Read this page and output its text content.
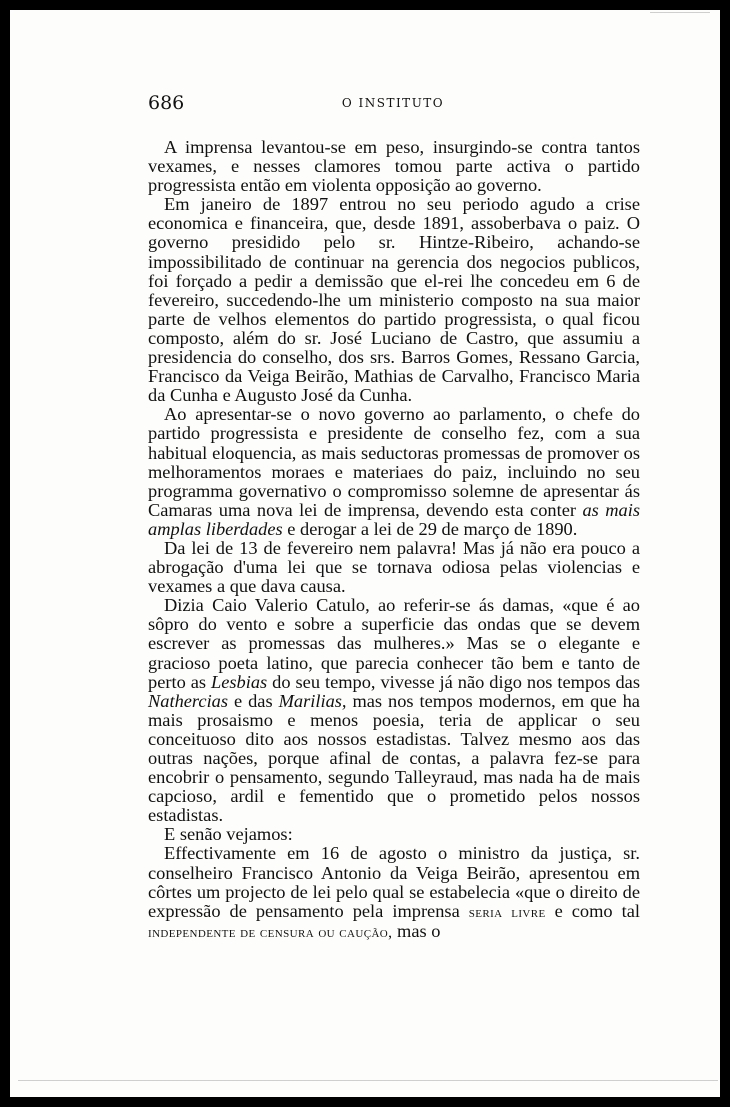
686	O INSTITUTO

A imprensa levantou-se em peso, insurgindo-se contra tantos vexames, e nesses clamores tomou parte activa o partido progressista então em violenta opposição ao governo.

Em janeiro de 1897 entrou no seu periodo agudo a crise economica e financeira, que, desde 1891, assoberbava o paiz. O governo presidido pelo sr. Hintze-Ribeiro, achando-se impossibilitado de continuar na gerencia dos negocios publicos, foi forçado a pedir a demissão que el-rei lhe concedeu em 6 de fevereiro, succedendo-lhe um ministerio composto na sua maior parte de velhos elementos do partido progressista, o qual ficou composto, além do sr. José Luciano de Castro, que assumiu a presidencia do conselho, dos srs. Barros Gomes, Ressano Garcia, Francisco da Veiga Beirão, Mathias de Carvalho, Francisco Maria da Cunha e Augusto José da Cunha.

Ao apresentar-se o novo governo ao parlamento, o chefe do partido progressista e presidente de conselho fez, com a sua habitual eloquencia, as mais seductoras promessas de promover os melhoramentos moraes e materiaes do paiz, incluindo no seu programma governativo o compromisso solemne de apresentar ás Camaras uma nova lei de imprensa, devendo esta conter as mais amplas liberdades e derogar a lei de 29 de março de 1890.

Da lei de 13 de fevereiro nem palavra! Mas já não era pouco a abrogação d'uma lei que se tornava odiosa pelas violencias e vexames a que dava causa.

Dizia Caio Valerio Catulo, ao referir-se ás damas, «que é ao sôpro do vento e sobre a superficie das ondas que se devem escrever as promessas das mulheres.» Mas se o elegante e gracioso poeta latino, que parecia conhecer tão bem e tanto de perto as Lesbias do seu tempo, vivesse já não digo nos tempos das Nathercias e das Marilias, mas nos tempos modernos, em que ha mais prosaismo e menos poesia, teria de applicar o seu conceituoso dito aos nossos estadistas. Talvez mesmo aos das outras nações, porque afinal de contas, a palavra fez-se para encobrir o pensamento, segundo Talleyraud, mas nada ha de mais capcioso, ardil e fementido que o prometido pelos nossos estadistas.

E senão vejamos:

Effectivamente em 16 de agosto o ministro da justiça, sr. conselheiro Francisco Antonio da Veiga Beirão, apresentou em côrtes um projecto de lei pelo qual se estabelecia «que o direito de expressão de pensamento pela imprensa seria livre e como tal independente de censura ou caução, mas o
